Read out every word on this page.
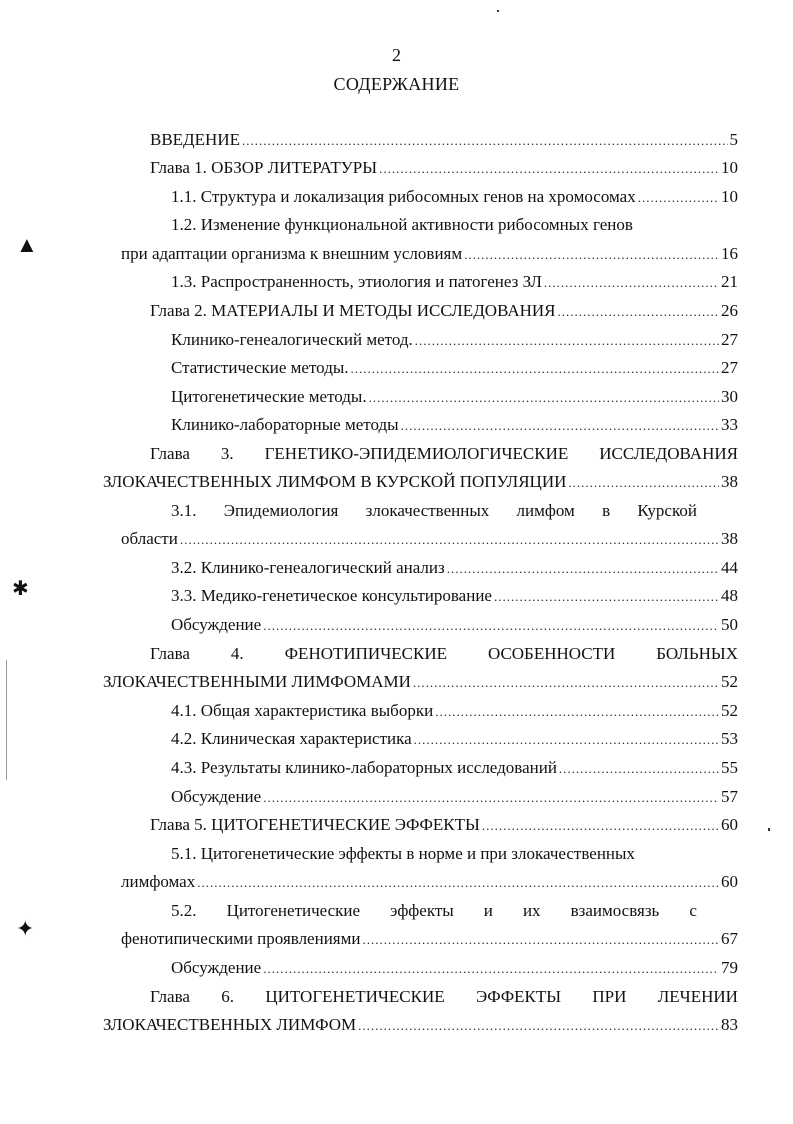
2
СОДЕРЖАНИЕ
ВВЕДЕНИЕ .....	5
Глава 1. ОБЗОР ЛИТЕРАТУРЫ .....	10
1.1. Структура и локализация рибосомных генов на хромосомах .....	10
1.2. Изменение функциональной активности рибосомных генов
при адаптации организма к внешним условиям .....	16
1.3. Распространенность, этиология и патогенез ЗЛ .....	21
Глава 2. МАТЕРИАЛЫ И МЕТОДЫ ИССЛЕДОВАНИЯ .....	26
Клинико-генеалогический метод. .....	27
Статистические методы. .....	27
Цитогенетические методы. .....	30
Клинико-лабораторные методы .....	33
Глава 3. ГЕНЕТИКО-ЭПИДЕМИОЛОГИЧЕСКИЕ ИССЛЕДОВАНИЯ
ЗЛОКАЧЕСТВЕННЫХ ЛИМФОМ В КУРСКОЙ ПОПУЛЯЦИИ .....	38
3.1. Эпидемиология злокачественных лимфом в Курской
области .....	38
3.2. Клинико-генеалогический анализ .....	44
3.3. Медико-генетическое консультирование .....	48
Обсуждение .....	50
Глава 4. ФЕНОТИПИЧЕСКИЕ ОСОБЕННОСТИ БОЛЬНЫХ
ЗЛОКАЧЕСТВЕННЫМИ ЛИМФОМАМИ .....	52
4.1. Общая характеристика выборки .....	52
4.2. Клиническая характеристика .....	53
4.3. Результаты клинико-лабораторных исследований .....	55
Обсуждение .....	57
Глава 5. ЦИТОГЕНЕТИЧЕСКИЕ ЭФФЕКТЫ .....	60
5.1. Цитогенетические эффекты в норме и при злокачественных
лимфомах .....	60
5.2. Цитогенетические эффекты и их взаимосвязь с
фенотипическими проявлениями .....	67
Обсуждение .....	79
Глава 6. ЦИТОГЕНЕТИЧЕСКИЕ ЭФФЕКТЫ ПРИ ЛЕЧЕНИИ
ЗЛОКАЧЕСТВЕННЫХ ЛИМФОМ .....	83
▲
✱
✦
